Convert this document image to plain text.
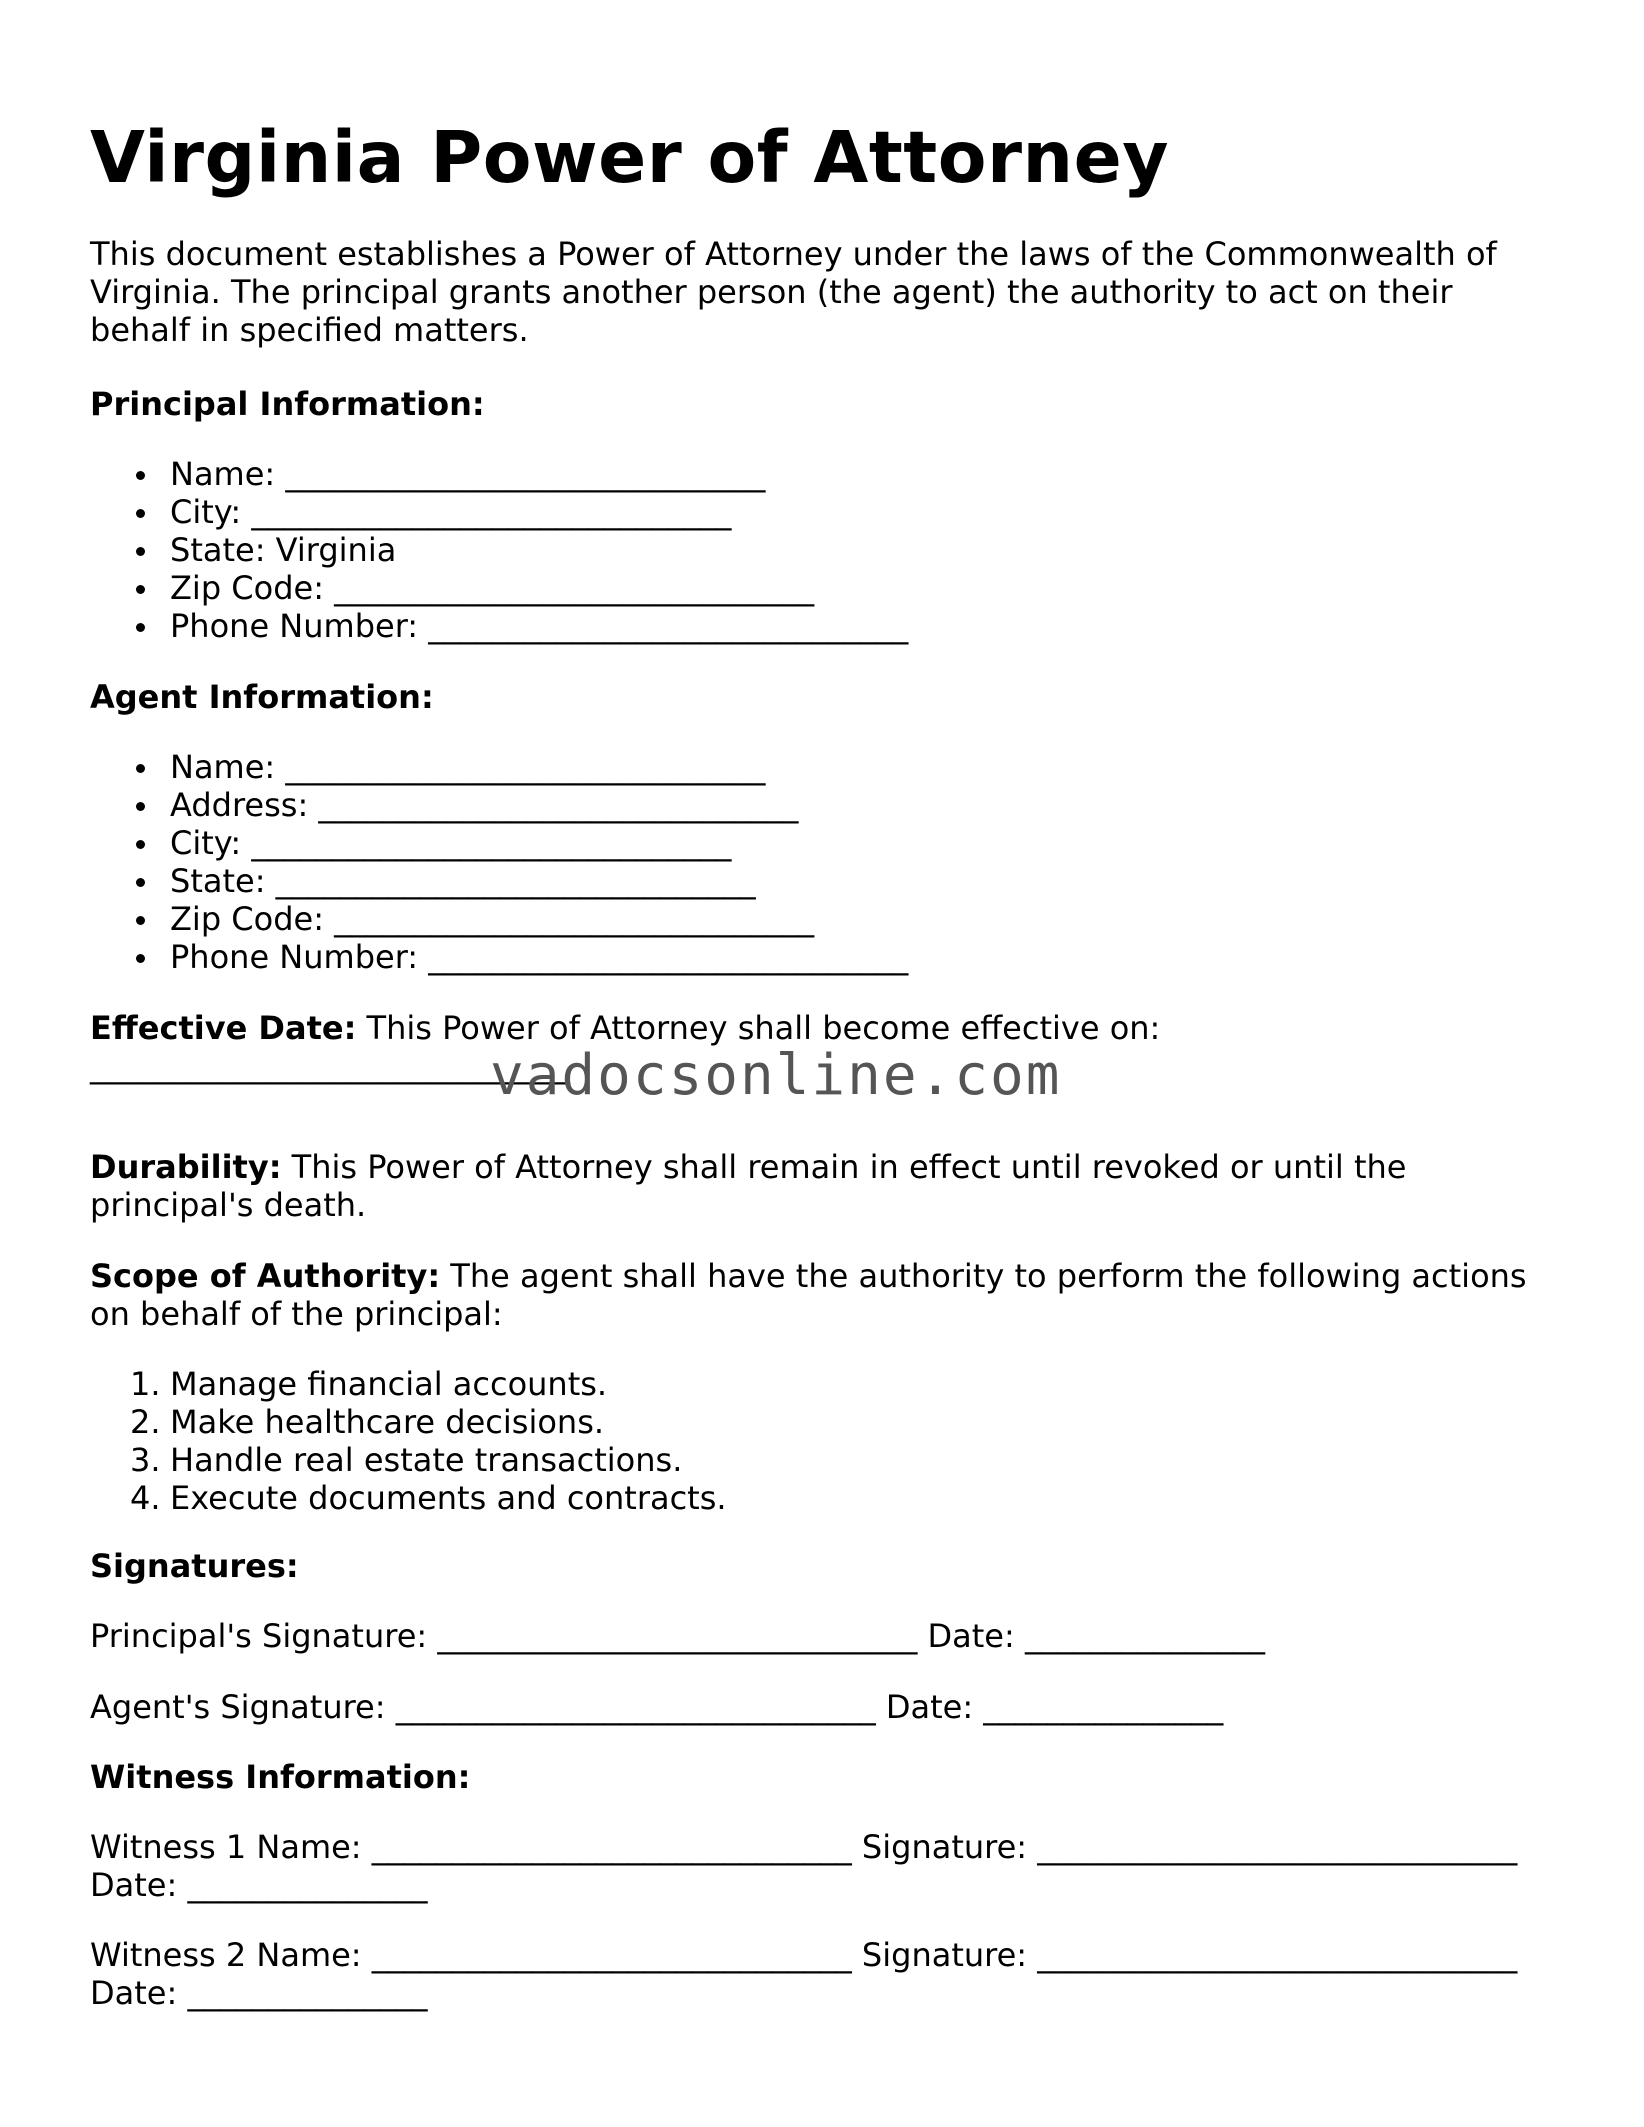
Virginia Power of Attorney
This document establishes a Power of Attorney under the laws of the Commonwealth of
Virginia. The principal grants another person (the agent) the authority to act on their
behalf in specified matters.
Principal Information:
Name: ______________________________
City: ______________________________
State: Virginia
Zip Code: ______________________________
Phone Number: ______________________________
Agent Information:
Name: ______________________________
Address: ______________________________
City: ______________________________
State: ______________________________
Zip Code: ______________________________
Phone Number: ______________________________
Effective Date: This Power of Attorney shall become effective on:
______________________________
Durability: This Power of Attorney shall remain in effect until revoked or until the
principal's death.
Scope of Authority: The agent shall have the authority to perform the following actions
on behalf of the principal:
1. Manage financial accounts.
2. Make healthcare decisions.
3. Handle real estate transactions.
4. Execute documents and contracts.
Signatures:
Principal's Signature: ______________________________ Date: _______________
Agent's Signature: ______________________________ Date: _______________
Witness Information:
Witness 1 Name: ______________________________ Signature: ______________________________
Date: _______________
Witness 2 Name: ______________________________ Signature: ______________________________
Date: _______________
vadocsonline.com
